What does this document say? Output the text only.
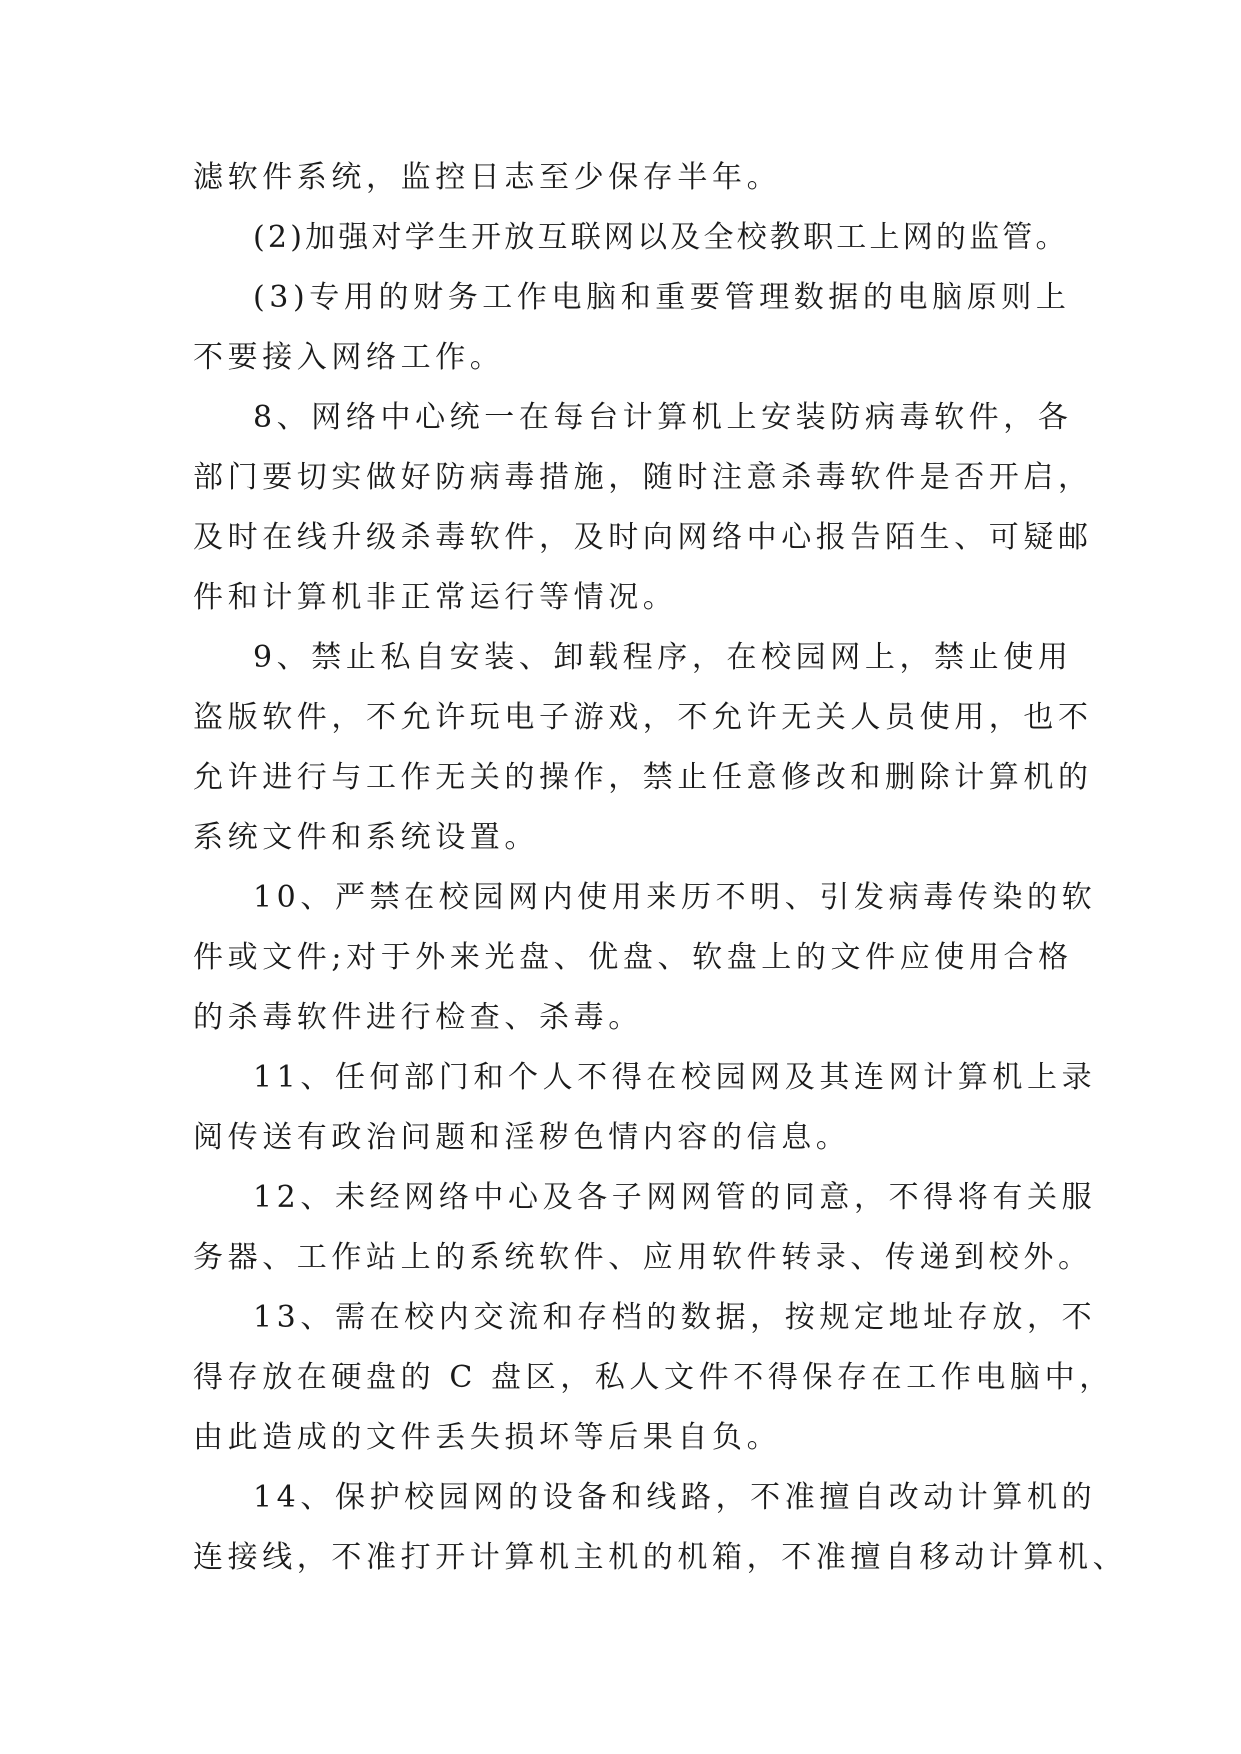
滤软件系统，监控日志至少保存半年。
(2)加强对学生开放互联网以及全校教职工上网的监管。
(3)专用的财务工作电脑和重要管理数据的电脑原则上
不要接入网络工作。
8、网络中心统一在每台计算机上安装防病毒软件，各
部门要切实做好防病毒措施，随时注意杀毒软件是否开启，
及时在线升级杀毒软件，及时向网络中心报告陌生、可疑邮
件和计算机非正常运行等情况。
9、禁止私自安装、卸载程序，在校园网上，禁止使用
盗版软件，不允许玩电子游戏，不允许无关人员使用，也不
允许进行与工作无关的操作，禁止任意修改和删除计算机的
系统文件和系统设置。
10、严禁在校园网内使用来历不明、引发病毒传染的软
件或文件;对于外来光盘、优盘、软盘上的文件应使用合格
的杀毒软件进行检查、杀毒。
11、任何部门和个人不得在校园网及其连网计算机上录
阅传送有政治问题和淫秽色情内容的信息。
12、未经网络中心及各子网网管的同意，不得将有关服
务器、工作站上的系统软件、应用软件转录、传递到校外。
13、需在校内交流和存档的数据，按规定地址存放，不
得存放在硬盘的 C 盘区，私人文件不得保存在工作电脑中，
由此造成的文件丢失损坏等后果自负。
14、保护校园网的设备和线路，不准擅自改动计算机的
连接线，不准打开计算机主机的机箱，不准擅自移动计算机、
